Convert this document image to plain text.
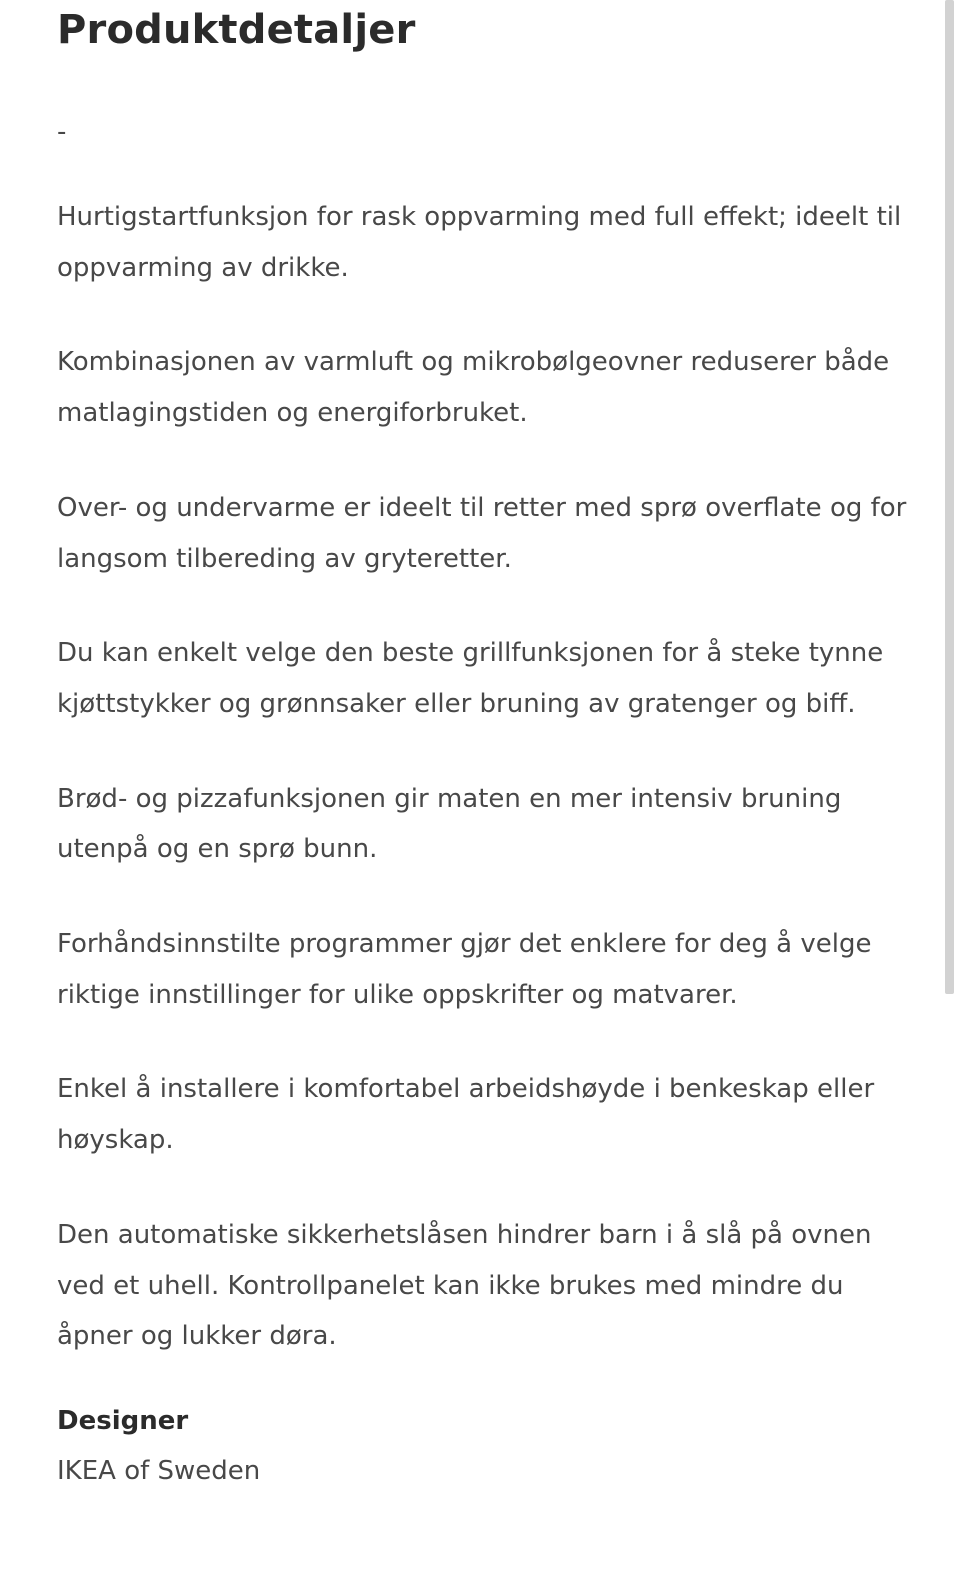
Produktdetaljer
-

Hurtigstartfunksjon for rask oppvarming med full effekt; ideelt til oppvarming av drikke.

Kombinasjonen av varmluft og mikrobølgeovner reduserer både matlagingstiden og energiforbruket.

Over- og undervarme er ideelt til retter med sprø overflate og for langsom tilbereding av gryteretter.

Du kan enkelt velge den beste grillfunksjonen for å steke tynne kjøttstykker og grønnsaker eller bruning av gratenger og biff.

Brød- og pizzafunksjonen gir maten en mer intensiv bruning utenpå og en sprø bunn.

Forhåndsinnstilte programmer gjør det enklere for deg å velge riktige innstillinger for ulike oppskrifter og matvarer.

Enkel å installere i komfortabel arbeidshøyde i benkeskap eller høyskap.

Den automatiske sikkerhetslåsen hindrer barn i å slå på ovnen ved et uhell. Kontrollpanelet kan ikke brukes med mindre du åpner og lukker døra.

Designer
IKEA of Sweden
